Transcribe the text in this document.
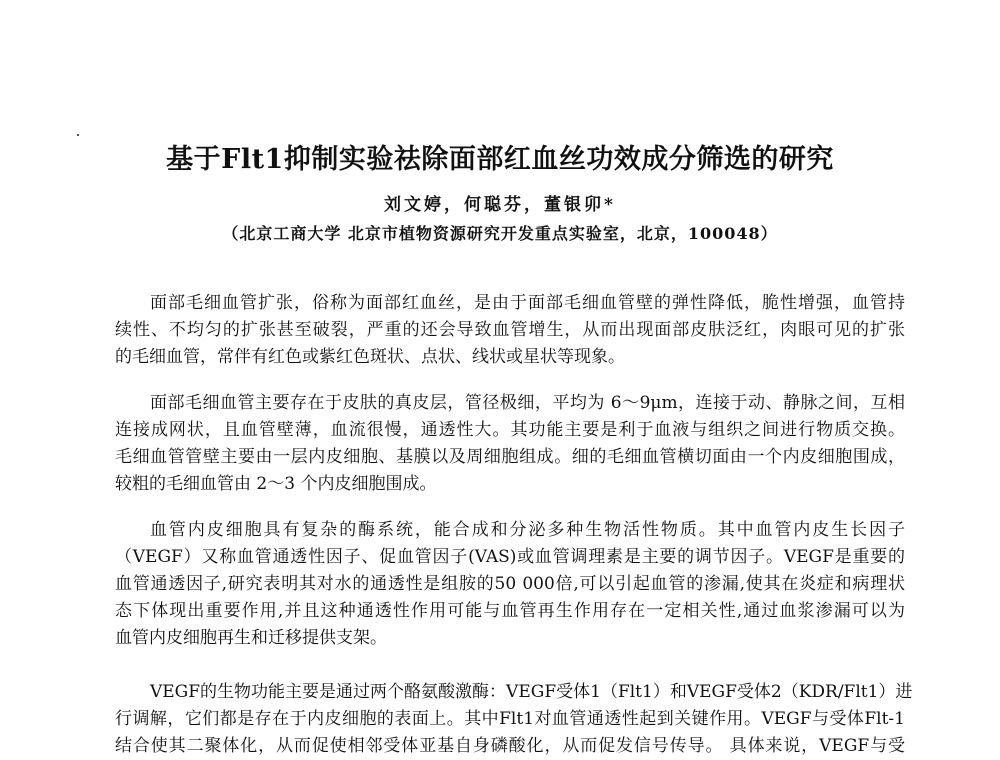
基于Flt1抑制实验祛除面部红血丝功效成分筛选的研究
刘文婷，何聪芬，董银卯*
（北京工商大学 北京市植物资源研究开发重点实验室，北京，100048）
面部毛细血管扩张，俗称为面部红血丝，是由于面部毛细血管壁的弹性降低，脆性增强，血管持
续性、不均匀的扩张甚至破裂，严重的还会导致血管增生，从而出现面部皮肤泛红，肉眼可见的扩张
的毛细血管，常伴有红色或紫红色斑状、点状、线状或星状等现象。
面部毛细血管主要存在于皮肤的真皮层，管径极细，平均为 6～9μm，连接于动、静脉之间，互相
连接成网状，且血管壁薄，血流很慢，通透性大。其功能主要是利于血液与组织之间进行物质交换。
毛细血管管壁主要由一层内皮细胞、基膜以及周细胞组成。细的毛细血管横切面由一个内皮细胞围成，
较粗的毛细血管由 2～3 个内皮细胞围成。
血管内皮细胞具有复杂的酶系统，能合成和分泌多种生物活性物质。其中血管内皮生长因子
（VEGF）又称血管通透性因子、促血管因子(VAS)或血管调理素是主要的调节因子。VEGF是重要的
血管通透因子,研究表明其对水的通透性是组胺的50 000倍,可以引起血管的渗漏,使其在炎症和病理状
态下体现出重要作用,并且这种通透性作用可能与血管再生作用存在一定相关性,通过血浆渗漏可以为
血管内皮细胞再生和迁移提供支架。
VEGF的生物功能主要是通过两个酪氨酸激酶：VEGF受体1（Flt1）和VEGF受体2（KDR/Flt1）进
行调解，它们都是存在于内皮细胞的表面上。其中Flt1对血管通透性起到关键作用。VEGF与受体Flt-1
结合使其二聚体化，从而促使相邻受体亚基自身磷酸化，从而促发信号传导。 具体来说，VEGF与受
